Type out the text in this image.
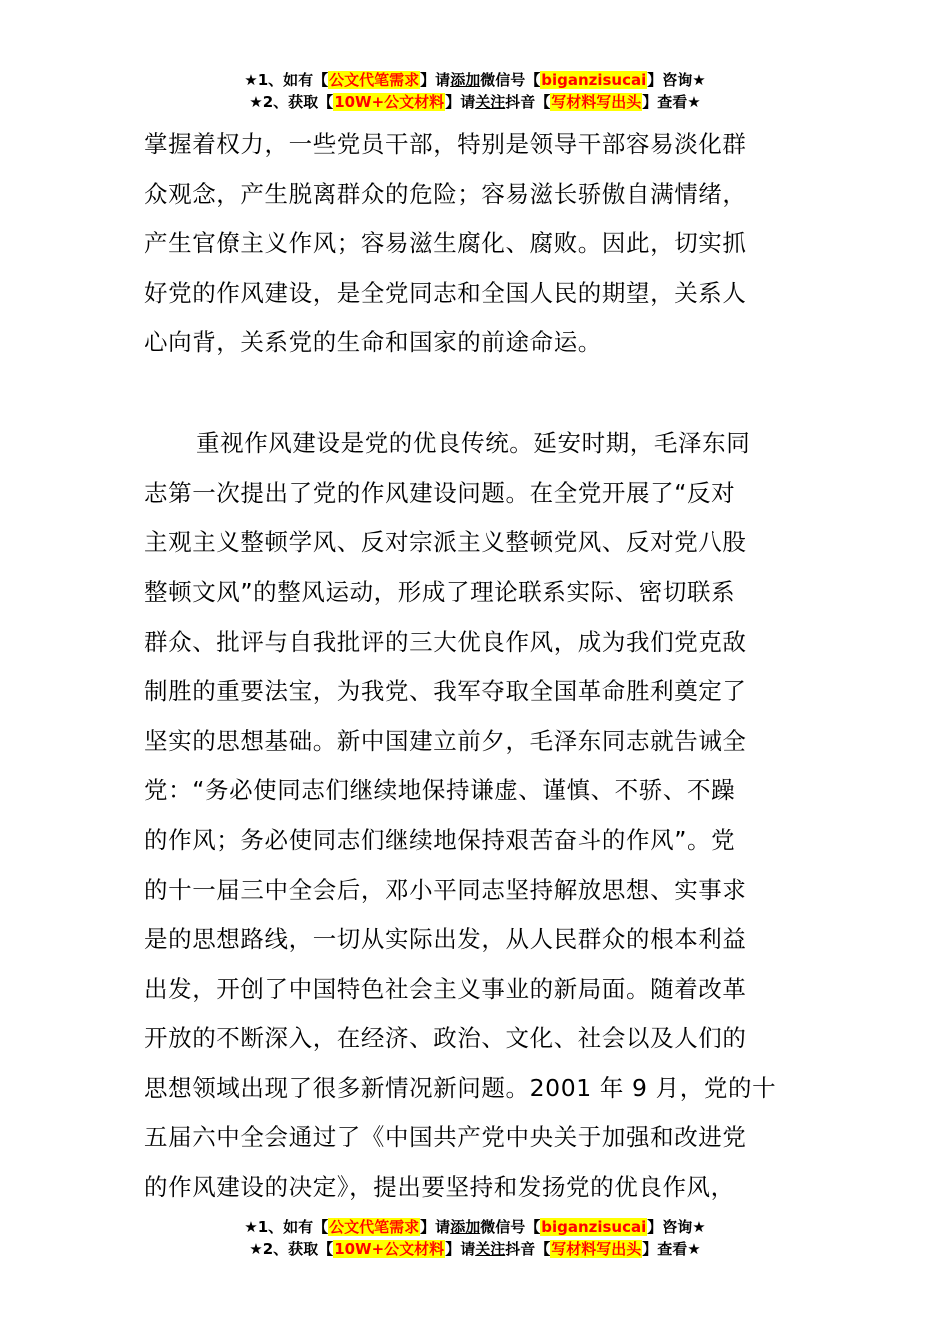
★1、如有【公文代笔需求】请添加微信号【biganzisucai】咨询★
★2、获取【10W+公文材料】请关注抖音【写材料写出头】查看★
掌握着权力，一些党员干部，特别是领导干部容易淡化群
众观念，产生脱离群众的危险；容易滋长骄傲自满情绪，
产生官僚主义作风；容易滋生腐化、腐败。因此，切实抓
好党的作风建设，是全党同志和全国人民的期望，关系人
心向背，关系党的生命和国家的前途命运。
重视作风建设是党的优良传统。延安时期，毛泽东同
志第一次提出了党的作风建设问题。在全党开展了“反对
主观主义整顿学风、反对宗派主义整顿党风、反对党八股
整顿文风”的整风运动，形成了理论联系实际、密切联系
群众、批评与自我批评的三大优良作风，成为我们党克敌
制胜的重要法宝，为我党、我军夺取全国革命胜利奠定了
坚实的思想基础。新中国建立前夕，毛泽东同志就告诫全
党：“务必使同志们继续地保持谦虚、谨慎、不骄、不躁
的作风；务必使同志们继续地保持艰苦奋斗的作风”。党
的十一届三中全会后，邓小平同志坚持解放思想、实事求
是的思想路线，一切从实际出发，从人民群众的根本利益
出发，开创了中国特色社会主义事业的新局面。随着改革
开放的不断深入，在经济、政治、文化、社会以及人们的
思想领域出现了很多新情况新问题。2001 年 9 月，党的十
五届六中全会通过了《中国共产党中央关于加强和改进党
的作风建设的决定》，提出要坚持和发扬党的优良作风，
★1、如有【公文代笔需求】请添加微信号【biganzisucai】咨询★
★2、获取【10W+公文材料】请关注抖音【写材料写出头】查看★
